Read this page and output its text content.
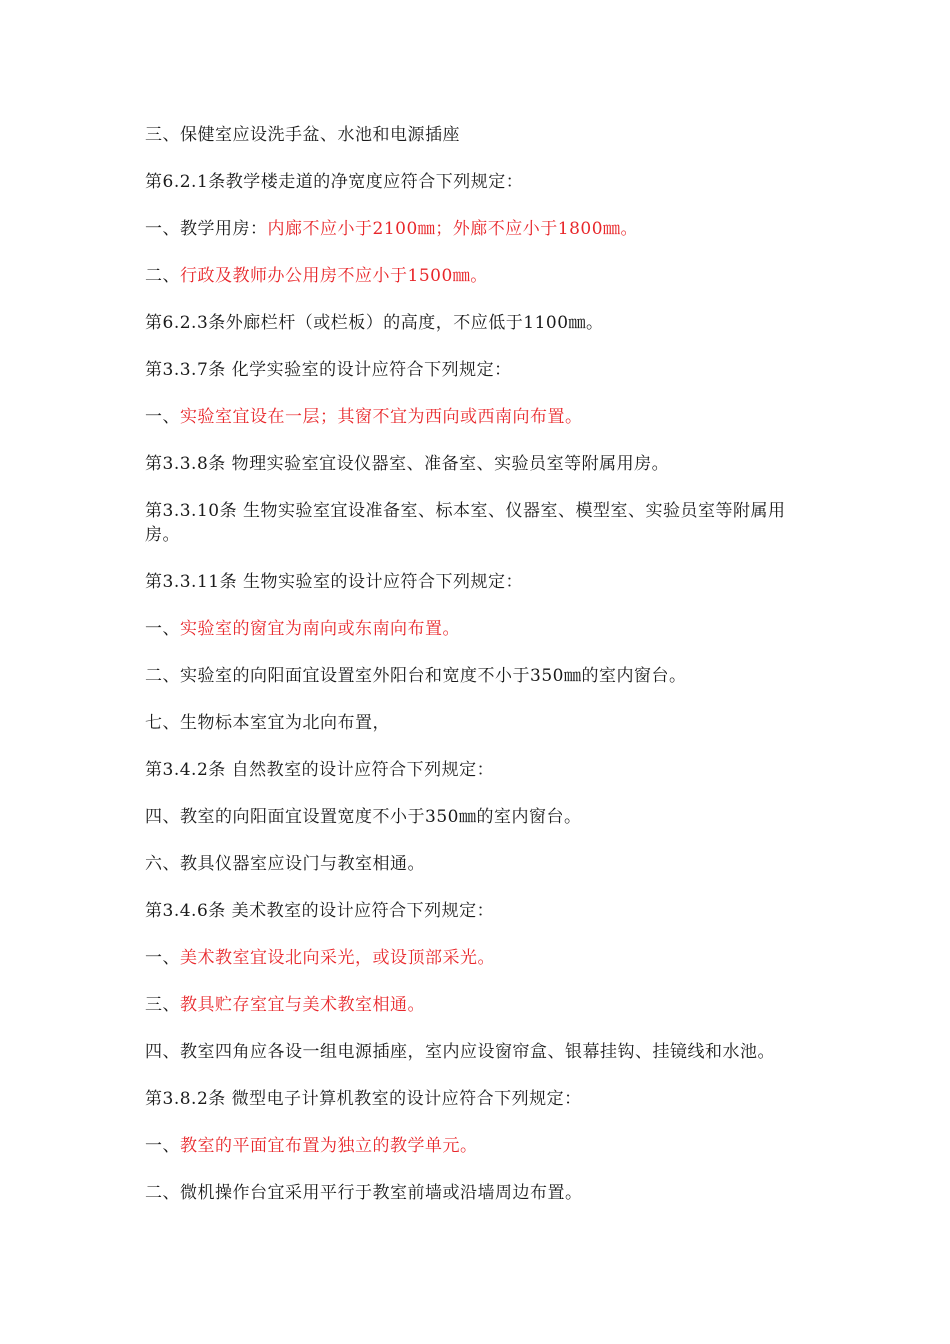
三、保健室应设洗手盆、水池和电源插座

第6.2.1条教学楼走道的净宽度应符合下列规定：

一、教学用房：内廊不应小于2100㎜；外廊不应小于1800㎜。

二、行政及教师办公用房不应小于1500㎜。

第6.2.3条外廊栏杆（或栏板）的高度，不应低于1100㎜。

第3.3.7条 化学实验室的设计应符合下列规定：

一、实验室宜设在一层；其窗不宜为西向或西南向布置。

第3.3.8条 物理实验室宜设仪器室、准备室、实验员室等附属用房。

第3.3.10条 生物实验室宜设准备室、标本室、仪器室、模型室、实验员室等附属用房。

第3.3.11条 生物实验室的设计应符合下列规定：

一、实验室的窗宜为南向或东南向布置。

二、实验室的向阳面宜设置室外阳台和宽度不小于350㎜的室内窗台。

七、生物标本室宜为北向布置，

第3.4.2条 自然教室的设计应符合下列规定：

四、教室的向阳面宜设置宽度不小于350㎜的室内窗台。

六、教具仪器室应设门与教室相通。

第3.4.6条 美术教室的设计应符合下列规定：

一、美术教室宜设北向采光，或设顶部采光。

三、教具贮存室宜与美术教室相通。

四、教室四角应各设一组电源插座，室内应设窗帘盒、银幕挂钩、挂镜线和水池。

第3.8.2条 微型电子计算机教室的设计应符合下列规定：

一、教室的平面宜布置为独立的教学单元。

二、微机操作台宜采用平行于教室前墙或沿墙周边布置。
